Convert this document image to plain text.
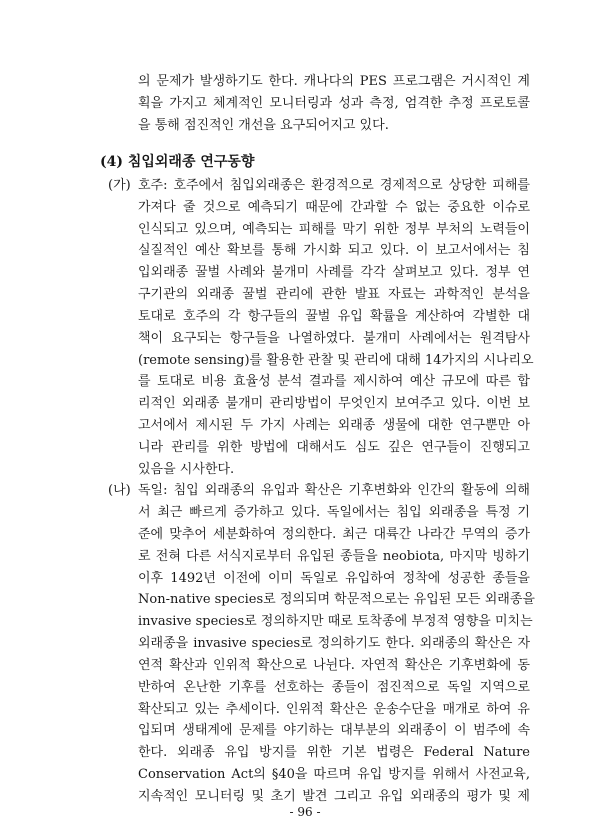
의 문제가 발생하기도 한다. 캐나다의 PES 프로그램은 거시적인 계
획을 가지고 체계적인 모니터링과 성과 측정, 엄격한 추정 프로토콜
을 통해 점진적인 개선을 요구되어지고 있다.
(4) 침입외래종 연구동향
(가) 호주: 호주에서 침입외래종은 환경적으로 경제적으로 상당한 피해를
가져다 줄 것으로 예측되기 때문에 간과할 수 없는 중요한 이슈로
인식되고 있으며, 예측되는 피해를 막기 위한 정부 부처의 노력들이
실질적인 예산 확보를 통해 가시화 되고 있다. 이 보고서에서는 침
입외래종 꿀벌 사례와 불개미 사례를 각각 살펴보고 있다. 정부 연
구기관의 외래종 꿀벌 관리에 관한 발표 자료는 과학적인 분석을
토대로 호주의 각 항구들의 꿀벌 유입 확률을 계산하여 각별한 대
책이 요구되는 항구들을 나열하였다. 불개미 사례에서는 원격탐사
(remote sensing)를 활용한 관찰 및 관리에 대해 14가지의 시나리오
를 토대로 비용 효율성 분석 결과를 제시하여 예산 규모에 따른 합
리적인 외래종 불개미 관리방법이 무엇인지 보여주고 있다. 이번 보
고서에서 제시된 두 가지 사례는 외래종 생물에 대한 연구뿐만 아
니라 관리를 위한 방법에 대해서도 심도 깊은 연구들이 진행되고
있음을 시사한다.
(나) 독일: 침입 외래종의 유입과 확산은 기후변화와 인간의 활동에 의해
서 최근 빠르게 증가하고 있다. 독일에서는 침입 외래종을 특정 기
준에 맞추어 세분화하여 정의한다. 최근 대륙간 나라간 무역의 증가
로 전혀 다른 서식지로부터 유입된 종들을 neobiota, 마지막 빙하기
이후 1492년 이전에 이미 독일로 유입하여 정착에 성공한 종들을
Non-native species로 정의되며 학문적으로는 유입된 모든 외래종을
invasive species로 정의하지만 때로 토착종에 부정적 영향을 미치는
외래종을 invasive species로 정의하기도 한다. 외래종의 확산은 자
연적 확산과 인위적 확산으로 나뉜다. 자연적 확산은 기후변화에 동
반하여 온난한 기후를 선호하는 종들이 점진적으로 독일 지역으로
확산되고 있는 추세이다. 인위적 확산은 운송수단을 매개로 하여 유
입되며 생태계에 문제를 야기하는 대부분의 외래종이 이 범주에 속
한다. 외래종 유입 방지를 위한 기본 법령은 Federal Nature
Conservation Act의 §40을 따르며 유입 방지를 위해서 사전교육,
지속적인 모니터링 및 초기 발견 그리고 유입 외래종의 평가 및 제
- 96 -
